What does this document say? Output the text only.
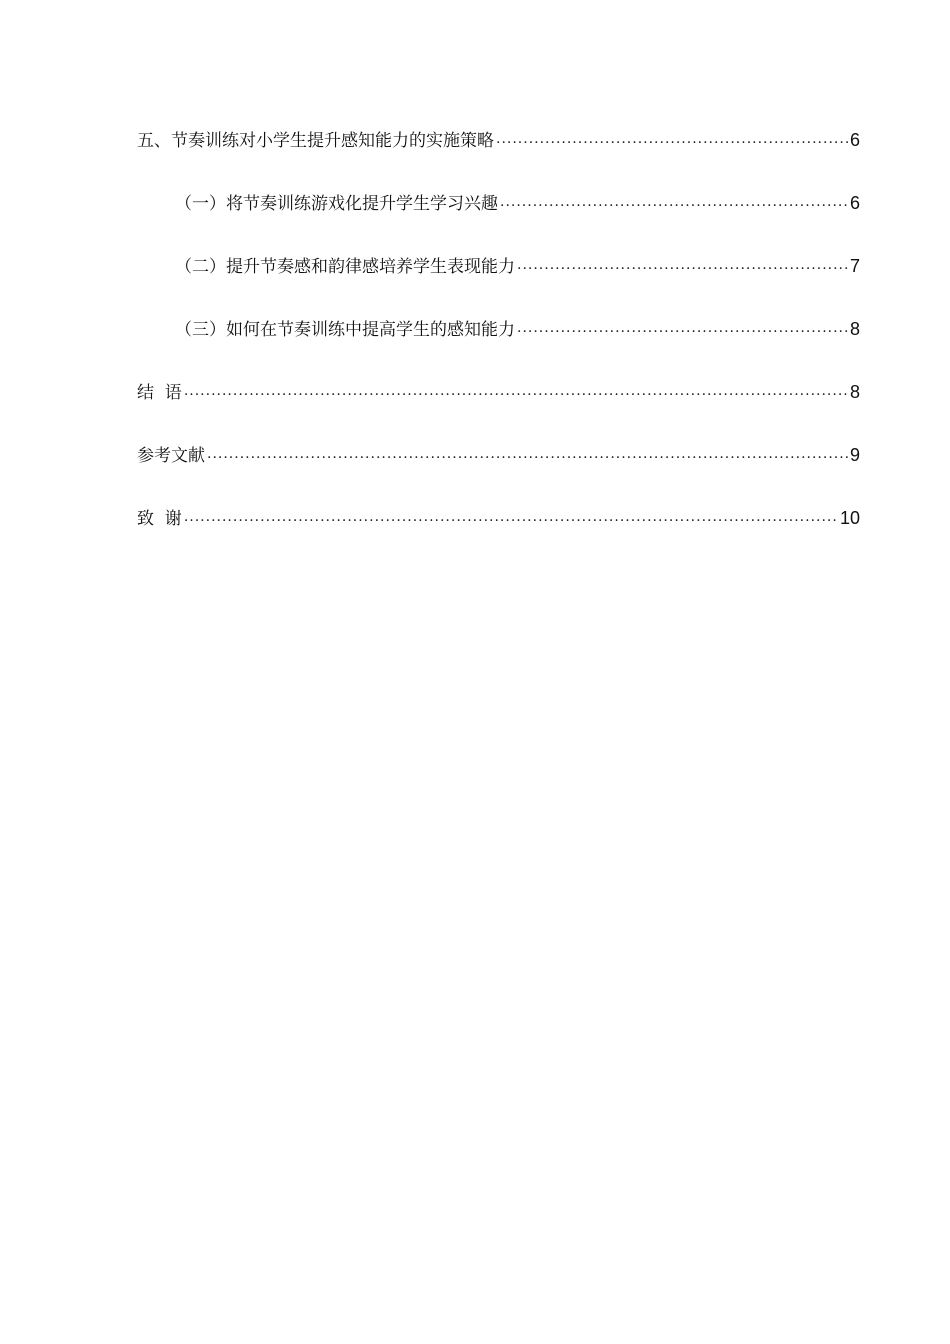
五、节奏训练对小学生提升感知能力的实施策略 .....	6
（一）将节奏训练游戏化提升学生学习兴趣 .....	6
（二）提升节奏感和韵律感培养学生表现能力 .....	7
（三）如何在节奏训练中提高学生的感知能力 .....	8
结  语 .....	8
参考文献 .....	9
致  谢 .....	10
